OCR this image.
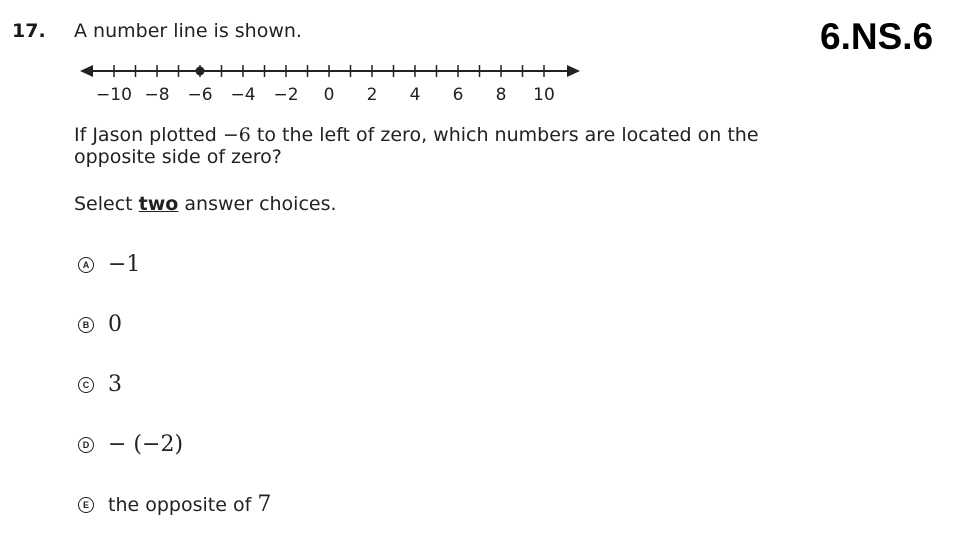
17. A number line is shown.	6.NS.6
−10 −8 −6 −4 −2 0 2 4 6 8 10
If Jason plotted −6 to the left of zero, which numbers are located on the opposite side of zero?
Select two answer choices.
A −1
B 0
C 3
D − (−2)
E the opposite of 7
